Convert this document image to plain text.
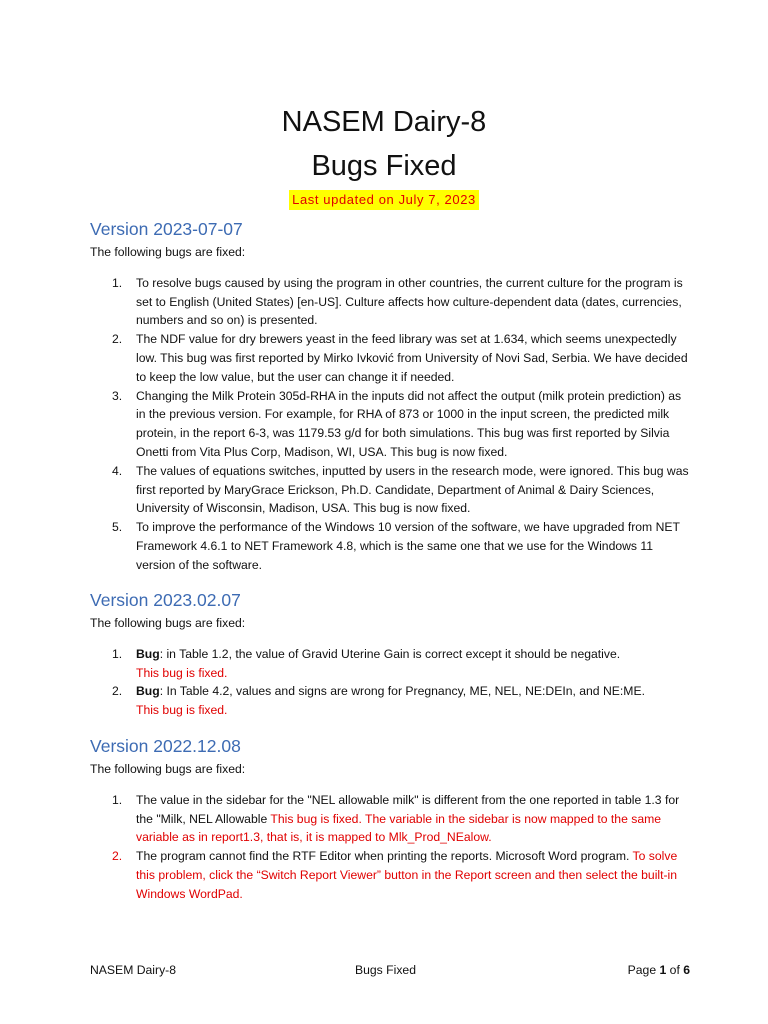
NASEM Dairy-8
Bugs Fixed
Last updated on July 7, 2023
Version 2023-07-07

The following bugs are fixed:

1. To resolve bugs caused by using the program in other countries, the current culture for the program is set to English (United States) [en-US]. Culture affects how culture-dependent data (dates, currencies, numbers and so on) is presented.
2. The NDF value for dry brewers yeast in the feed library was set at 1.634, which seems unexpectedly low. This bug was first reported by Mirko Ivković from University of Novi Sad, Serbia. We have decided to keep the low value, but the user can change it if needed.
3. Changing the Milk Protein 305d-RHA in the inputs did not affect the output (milk protein prediction) as in the previous version. For example, for RHA of 873 or 1000 in the input screen, the predicted milk protein, in the report 6-3, was 1179.53 g/d for both simulations. This bug was first reported by Silvia Onetti from Vita Plus Corp, Madison, WI, USA. This bug is now fixed.
4. The values of equations switches, inputted by users in the research mode, were ignored. This bug was first reported by MaryGrace Erickson, Ph.D. Candidate, Department of Animal & Dairy Sciences, University of Wisconsin, Madison, USA. This bug is now fixed.
5. To improve the performance of the Windows 10 version of the software, we have upgraded from NET Framework 4.6.1 to NET Framework 4.8, which is the same one that we use for the Windows 11 version of the software.
Version 2023.02.07

The following bugs are fixed:

1. Bug: in Table 1.2, the value of Gravid Uterine Gain is correct except it should be negative.
This bug is fixed.
2. Bug: In Table 4.2, values and signs are wrong for Pregnancy, ME, NEL, NE:DEIn, and NE:ME.
This bug is fixed.
Version 2022.12.08

The following bugs are fixed:

1. The value in the sidebar for the "NEL allowable milk" is different from the one reported in table 1.3 for the "Milk, NEL Allowable This bug is fixed. The variable in the sidebar is now mapped to the same variable as in report1.3, that is, it is mapped to Mlk_Prod_NEalow.
2. The program cannot find the RTF Editor when printing the reports. Microsoft Word program. To solve this problem, click the “Switch Report Viewer” button in the Report screen and then select the built-in Windows WordPad.
NASEM Dairy-8	Bugs Fixed	Page 1 of 6
